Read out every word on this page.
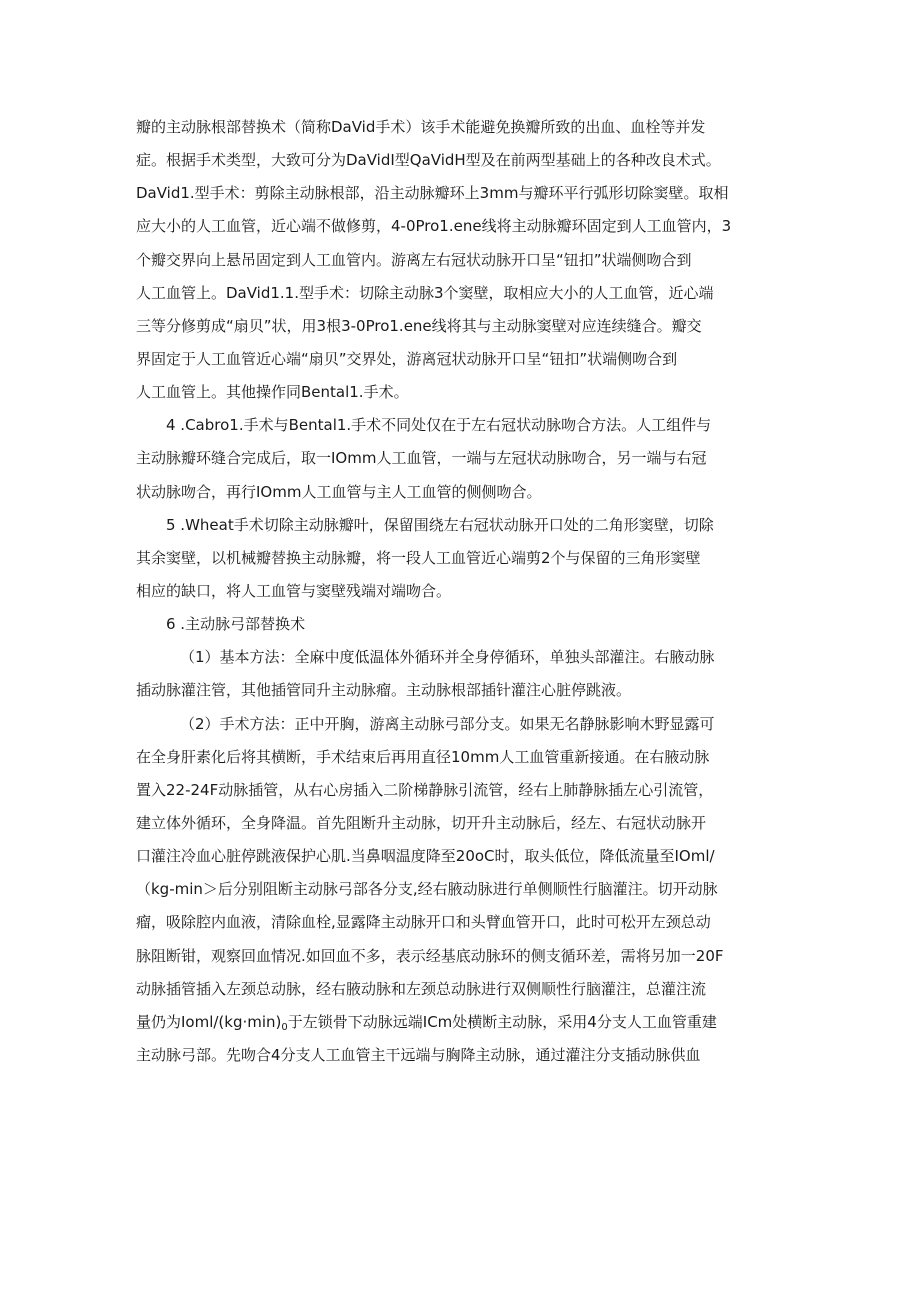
瓣的主动脉根部替换术（简称DaVid手术）该手术能避免换瓣所致的出血、血栓等并发
症。根据手术类型，大致可分为DaVidI型QaVidH型及在前两型基础上的各种改良术式。
DaVid1.型手术：剪除主动脉根部，沿主动脉瓣环上3mm与瓣环平行弧形切除窦壁。取相
应大小的人工血管，近心端不做修剪，4-0Pro1.ene线将主动脉瓣环固定到人工血管内，3
个瓣交界向上悬吊固定到人工血管内。游离左右冠状动脉开口呈“钮扣”状端侧吻合到
人工血管上。DaVid1.1.型手术：切除主动脉3个窦壁，取相应大小的人工血管，近心端
三等分修剪成“扇贝”状，用3根3-0Pro1.ene线将其与主动脉窦壁对应连续缝合。瓣交
界固定于人工血管近心端“扇贝”交界处，游离冠状动脉开口呈“钮扣”状端侧吻合到
人工血管上。其他操作同Bental1.手术。
4 .Cabro1.手术与Bental1.手术不同处仅在于左右冠状动脉吻合方法。人工组件与
主动脉瓣环缝合完成后，取一IOmm人工血管，一端与左冠状动脉吻合，另一端与右冠
状动脉吻合，再行IOmm人工血管与主人工血管的侧侧吻合。
5 .Wheat手术切除主动脉瓣叶，保留围绕左右冠状动脉开口处的二角形窦壁，切除
其余窦壁，以机械瓣替换主动脉瓣，将一段人工血管近心端剪2个与保留的三角形窦壁
相应的缺口，将人工血管与窦壁残端对端吻合。
6 .主动脉弓部替换术
（1）基本方法：全麻中度低温体外循环并全身停循环，单独头部灌注。右腋动脉
插动脉灌注管，其他插管同升主动脉瘤。主动脉根部插针灌注心脏停跳液。
（2）手术方法：正中开胸，游离主动脉弓部分支。如果无名静脉影响木野显露可
在全身肝素化后将其横断，手术结束后再用直径10mm人工血管重新接通。在右腋动脉
置入22-24F动脉插管，从右心房插入二阶梯静脉引流管，经右上肺静脉插左心引流管，
建立体外循环，全身降温。首先阻断升主动脉，切开升主动脉后，经左、右冠状动脉开
口灌注冷血心脏停跳液保护心肌.当鼻咽温度降至20oC时，取头低位，降低流量至IOml/
（kg-min＞后分别阻断主动脉弓部各分支,经右腋动脉进行单侧顺性行脑灌注。切开动脉
瘤，吸除腔内血液，清除血栓,显露降主动脉开口和头臂血管开口，此时可松开左颈总动
脉阻断钳，观察回血情况.如回血不多，表示经基底动脉环的侧支循环差，需将另加一20F
动脉插管插入左颈总动脉，经右腋动脉和左颈总动脉进行双侧顺性行脑灌注，总灌注流
量仍为Ioml/$(kg\cdot\min)_0$于左锁骨下动脉远端ICm处横断主动脉，采用4分支人工血管重建
主动脉弓部。先吻合4分支人工血管主干远端与胸降主动脉，通过灌注分支插动脉供血
